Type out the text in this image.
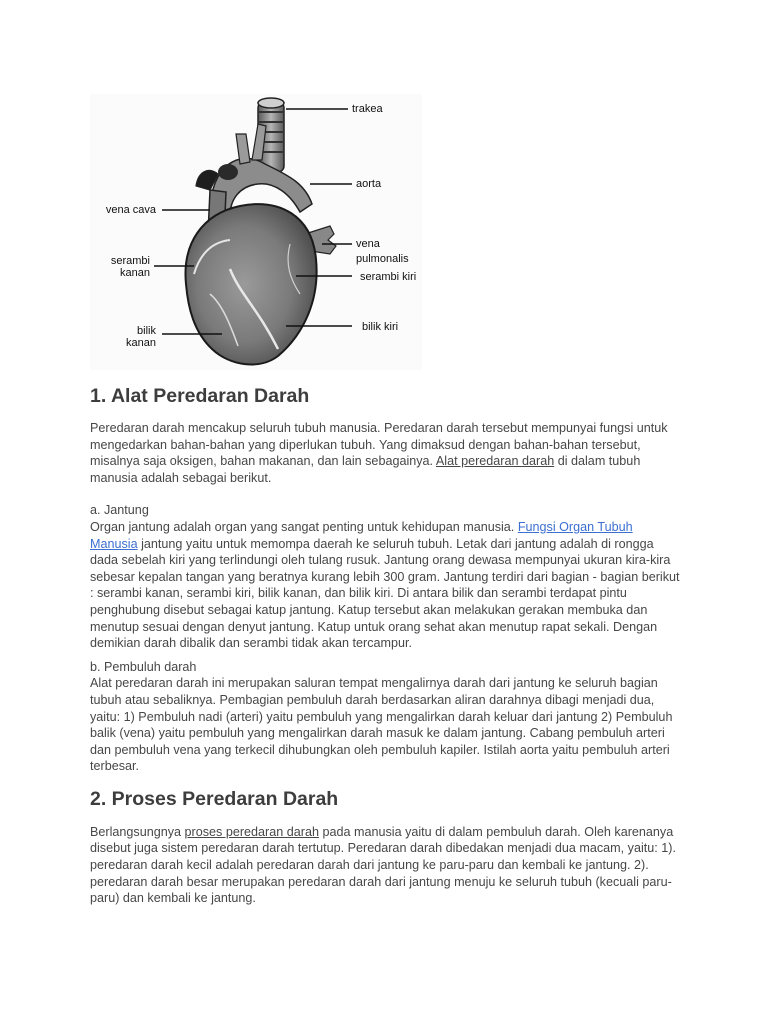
trakea
aorta
vena cava
vena
pulmonalis
serambi
kanan	serambi kiri
bilik
kanan
bilik kiri
1. Alat Peredaran Darah

Peredaran darah mencakup seluruh tubuh manusia. Peredaran darah tersebut mempunyai fungsi untuk mengedarkan bahan-bahan yang diperlukan tubuh. Yang dimaksud dengan bahan-bahan tersebut, misalnya saja oksigen, bahan makanan, dan lain sebagainya. Alat peredaran darah di dalam tubuh manusia adalah sebagai berikut.

a. Jantung

Organ jantung adalah organ yang sangat penting untuk kehidupan manusia. Fungsi Organ Tubuh Manusia jantung yaitu untuk memompa daerah ke seluruh tubuh. Letak dari jantung adalah di rongga dada sebelah kiri yang terlindungi oleh tulang rusuk. Jantung orang dewasa mempunyai ukuran kira-kira sebesar kepalan tangan yang beratnya kurang lebih 300 gram. Jantung terdiri dari bagian - bagian berikut : serambi kanan, serambi kiri, bilik kanan, dan bilik kiri. Di antara bilik dan serambi terdapat pintu penghubung disebut sebagai katup jantung. Katup tersebut akan melakukan gerakan membuka dan menutup sesuai dengan denyut jantung. Katup untuk orang sehat akan menutup rapat sekali. Dengan demikian darah dibalik dan serambi tidak akan tercampur.

b. Pembuluh darah

Alat peredaran darah ini merupakan saluran tempat mengalirnya darah dari jantung ke seluruh bagian tubuh atau sebaliknya. Pembagian pembuluh darah berdasarkan aliran darahnya dibagi menjadi dua, yaitu: 1) Pembuluh nadi (arteri) yaitu pembuluh yang mengalirkan darah keluar dari jantung 2) Pembuluh balik (vena) yaitu pembuluh yang mengalirkan darah masuk ke dalam jantung. Cabang pembuluh arteri dan pembuluh vena yang terkecil dihubungkan oleh pembuluh kapiler. Istilah aorta yaitu pembuluh arteri terbesar.

2. Proses Peredaran Darah

Berlangsungnya proses peredaran darah pada manusia yaitu di dalam pembuluh darah. Oleh karenanya disebut juga sistem peredaran darah tertutup. Peredaran darah dibedakan menjadi dua macam, yaitu: 1). peredaran darah kecil adalah peredaran darah dari jantung ke paru-paru dan kembali ke jantung. 2). peredaran darah besar merupakan peredaran darah dari jantung menuju ke seluruh tubuh (kecuali paru-paru) dan kembali ke jantung.
